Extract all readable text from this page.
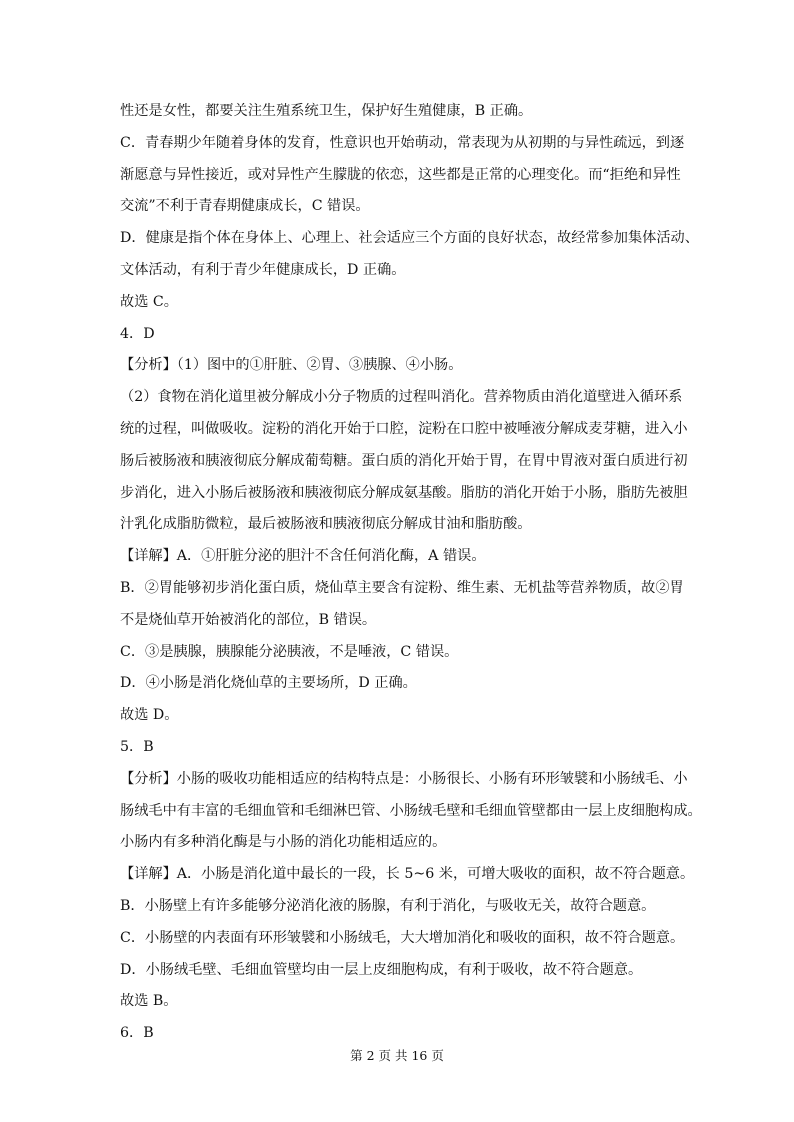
性还是女性，都要关注生殖系统卫生，保护好生殖健康，B 正确。
C．青春期少年随着身体的发育，性意识也开始萌动，常表现为从初期的与异性疏远，到逐
渐愿意与异性接近，或对异性产生朦胧的依恋，这些都是正常的心理变化。而“拒绝和异性
交流”不利于青春期健康成长，C 错误。
D．健康是指个体在身体上、心理上、社会适应三个方面的良好状态，故经常参加集体活动、
文体活动，有利于青少年健康成长，D 正确。
故选 C。
4．D
【分析】（1）图中的①肝脏、②胃、③胰腺、④小肠。
（2）食物在消化道里被分解成小分子物质的过程叫消化。营养物质由消化道壁进入循环系
统的过程，叫做吸收。淀粉的消化开始于口腔，淀粉在口腔中被唾液分解成麦芽糖，进入小
肠后被肠液和胰液彻底分解成葡萄糖。蛋白质的消化开始于胃，在胃中胃液对蛋白质进行初
步消化，进入小肠后被肠液和胰液彻底分解成氨基酸。脂肪的消化开始于小肠，脂肪先被胆
汁乳化成脂肪微粒，最后被肠液和胰液彻底分解成甘油和脂肪酸。
【详解】A．①肝脏分泌的胆汁不含任何消化酶，A 错误。
B．②胃能够初步消化蛋白质，烧仙草主要含有淀粉、维生素、无机盐等营养物质，故②胃
不是烧仙草开始被消化的部位，B 错误。
C．③是胰腺，胰腺能分泌胰液，不是唾液，C 错误。
D．④小肠是消化烧仙草的主要场所，D 正确。
故选 D。
5．B
【分析】小肠的吸收功能相适应的结构特点是：小肠很长、小肠有环形皱襞和小肠绒毛、小
肠绒毛中有丰富的毛细血管和毛细淋巴管、小肠绒毛壁和毛细血管壁都由一层上皮细胞构成。
小肠内有多种消化酶是与小肠的消化功能相适应的。
【详解】A．小肠是消化道中最长的一段，长 5~6 米，可增大吸收的面积，故不符合题意。
B．小肠壁上有许多能够分泌消化液的肠腺，有利于消化，与吸收无关，故符合题意。
C．小肠壁的内表面有环形皱襞和小肠绒毛，大大增加消化和吸收的面积，故不符合题意。
D．小肠绒毛壁、毛细血管壁均由一层上皮细胞构成，有利于吸收，故不符合题意。
故选 B。
6．B
第 2 页 共 16 页
